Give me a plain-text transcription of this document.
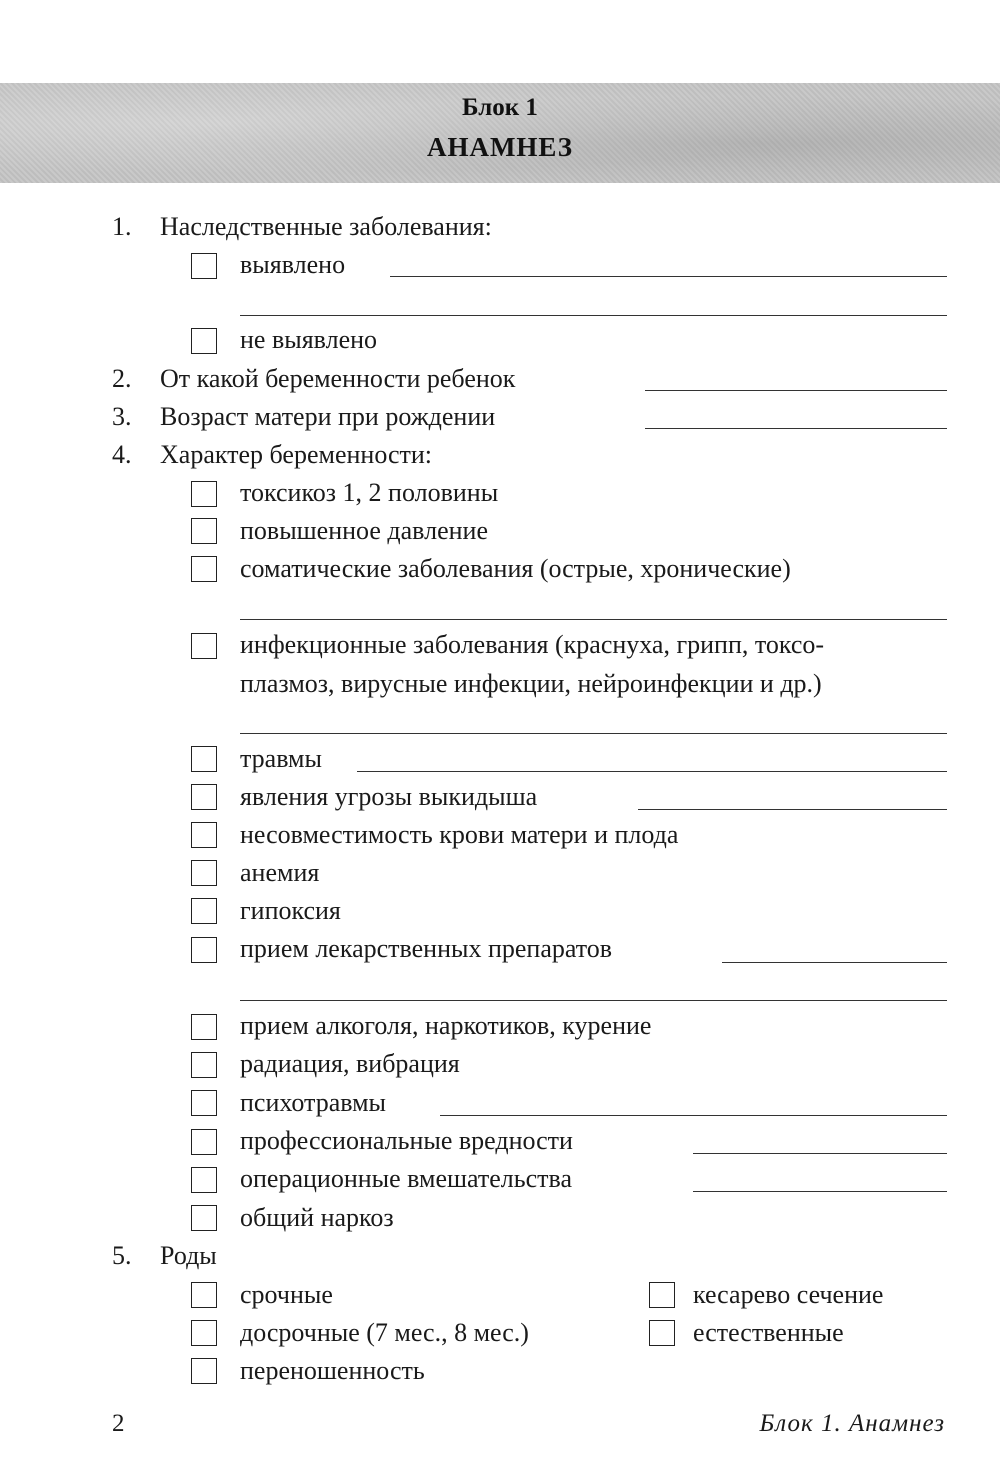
Блок 1
АНАМНЕЗ
1. Наследственные заболевания:
выявлено
не выявлено
2. От какой беременности ребенок
3. Возраст матери при рождении
4. Характер беременности:
токсикоз 1, 2 половины
повышенное давление
соматические заболевания (острые, хронические)
инфекционные заболевания (краснуха, грипп, токсо-
плазмоз, вирусные инфекции, нейроинфекции и др.)
травмы
явления угрозы выкидыша
несовместимость крови матери и плода
анемия
гипоксия
прием лекарственных препаратов
прием алкоголя, наркотиков, курение
радиация, вибрация
психотравмы
профессиональные вредности
операционные вмешательства
общий наркоз
5. Роды
срочные	кесарево сечение
досрочные (7 мес., 8 мес.)	естественные
переношенность
2	Блок 1. Анамнез
